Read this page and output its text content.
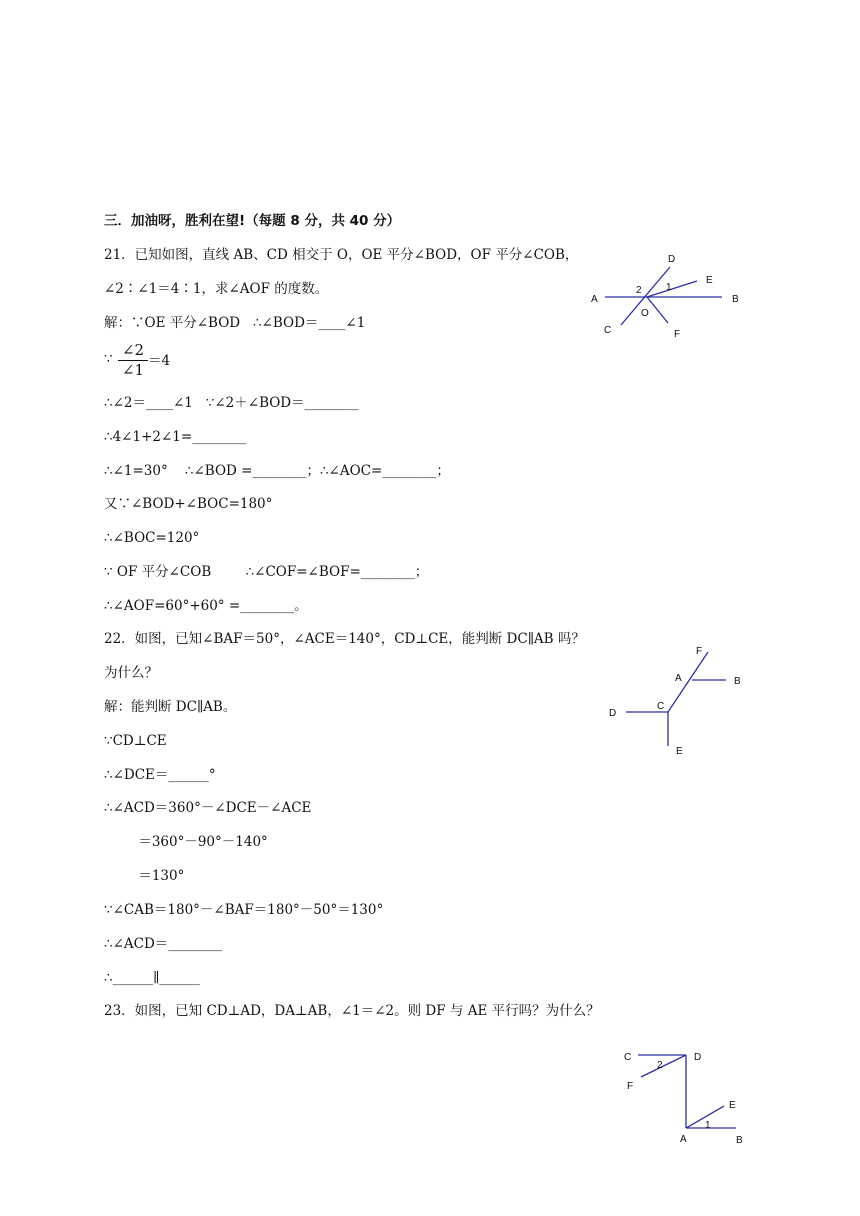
三．加油呀，胜利在望!（每题 8 分，共 40 分）
21．已知如图，直线 AB、CD 相交于 O，OE 平分∠BOD，OF 平分∠COB，
∠2∶∠1＝4∶1，求∠AOF 的度数。
解：∵OE 平分∠BOD   ∴∠BOD＝____∠1
∵ ∠2
∠1 ＝4
∴∠2＝____∠1   ∵∠2＋∠BOD＝________
∴4∠1+2∠1=________
∴∠1=30°    ∴∠BOD =________；∴∠AOC=________；
又∵∠BOD+∠BOC=180°
∴∠BOC=120°
∵ OF 平分∠COB        ∴∠COF=∠BOF=________；
∴∠AOF=60°+60° =________。
D
E
A	B
C
O
F
2 1
22．如图，已知∠BAF＝50°，∠ACE＝140°，CD⊥CE，能判断 DC∥AB 吗？
为什么？
解：能判断 DC∥AB。
∵CD⊥CE
∴∠DCE＝______°
∴∠ACD＝360°－∠DCE－∠ACE
＝360°－90°－140°
＝130°
∵∠CAB＝180°－∠BAF＝180°－50°＝130°
∴∠ACD＝________
∴______∥______
F
A	B
C
D
E
23．如图，已知 CD⊥AD，DA⊥AB，∠1＝∠2。则 DF 与 AE 平行吗？为什么？
C	D
2
F
E
1
A	B
